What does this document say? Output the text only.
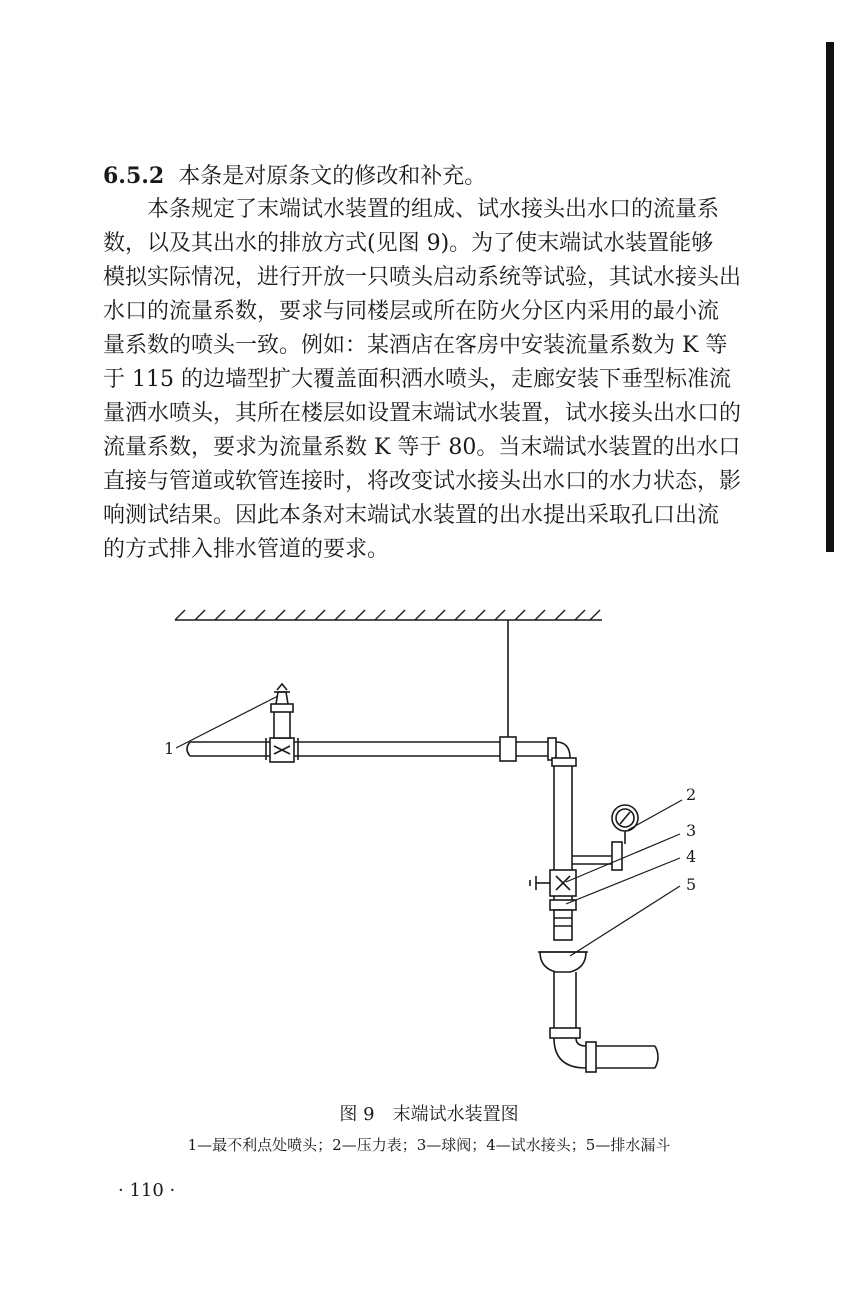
6.5.2 本条是对原条文的修改和补充。
本条规定了末端试水装置的组成、试水接头出水口的流量系
数，以及其出水的排放方式(见图 9)。为了使末端试水装置能够
模拟实际情况，进行开放一只喷头启动系统等试验，其试水接头出
水口的流量系数，要求与同楼层或所在防火分区内采用的最小流
量系数的喷头一致。例如：某酒店在客房中安装流量系数为 K 等
于 115 的边墙型扩大覆盖面积洒水喷头，走廊安装下垂型标准流
量洒水喷头，其所在楼层如设置末端试水装置，试水接头出水口的
流量系数，要求为流量系数 K 等于 80。当末端试水装置的出水口
直接与管道或软管连接时，将改变试水接头出水口的水力状态，影
响测试结果。因此本条对末端试水装置的出水提出采取孔口出流
的方式排入排水管道的要求。
1
2
3
4
5
图 9　末端试水装置图
1—最不利点处喷头；2—压力表；3—球阀；4—试水接头；5—排水漏斗
· 110 ·
